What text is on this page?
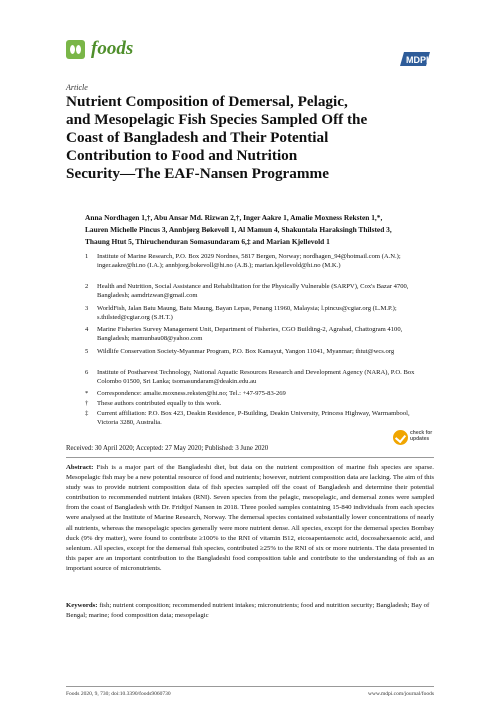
foods
MDPI
Article
Nutrient Composition of Demersal, Pelagic,
and Mesopelagic Fish Species Sampled Off the
Coast of Bangladesh and Their Potential
Contribution to Food and Nutrition
Security—The EAF-Nansen Programme
Anna Nordhagen 1,†, Abu Ansar Md. Rizwan 2,†, Inger Aakre 1, Amalie Moxness Reksten 1,*,
Lauren Michelle Pincus 3, Annbjørg Bøkevoll 1, Al Mamun 4, Shakuntala Haraksingh Thilsted 3,
Thaung Htut 5, Thiruchenduran Somasundaram 6,‡ and Marian Kjellevold 1
1	Institute of Marine Research, P.O. Box 2029 Nordnes, 5817 Bergen, Norway; nordhagen_94@hotmail.com (A.N.); inger.aakre@hi.no (I.A.); annbjorg.bokevoll@hi.no (A.B.); marian.kjellevold@hi.no (M.K.)
2	Health and Nutrition, Social Assistance and Rehabilitation for the Physically Vulnerable (SARPV), Cox's Bazar 4700, Bangladesh; aamdrizwan@gmail.com
3	WorldFish, Jalan Batu Maung, Batu Maung, Bayan Lepas, Penang 11960, Malaysia; l.pincus@cgiar.org (L.M.P.); s.thilsted@cgiar.org (S.H.T.)
4	Marine Fisheries Survey Management Unit, Department of Fisheries, CGO Building-2, Agrabad, Chattogram 4100, Bangladesh; mamunbau08@yahoo.com
5	Wildlife Conservation Society-Myanmar Program, P.O. Box Kamayut, Yangon 11041, Myanmar; thtut@wcs.org
6	Institute of Postharvest Technology, National Aquatic Resources Research and Development Agency (NARA), P.O. Box Colombo 01500, Sri Lanka; tsomasundaram@deakin.edu.au
*	Correspondence: amalie.moxness.reksten@hi.no; Tel.: +47-975-83-269
†	These authors contributed equally to this work.
‡	Current affiliation: P.O. Box 423, Deakin Residence, P-Building, Deakin University, Princess Highway, Warrnambool, Victoria 3280, Australia.
check for updates
Received: 30 April 2020; Accepted: 27 May 2020; Published: 3 June 2020
Abstract: Fish is a major part of the Bangladeshi diet, but data on the nutrient composition of marine fish species are sparse. Mesopelagic fish may be a new potential resource of food and nutrients; however, nutrient composition data are lacking. The aim of this study was to provide nutrient composition data of fish species sampled off the coast of Bangladesh and determine their potential contribution to recommended nutrient intakes (RNI). Seven species from the pelagic, mesopelagic, and demersal zones were sampled from the coast of Bangladesh with Dr. Fridtjof Nansen in 2018. Three pooled samples containing 15-840 individuals from each species were analysed at the Institute of Marine Research, Norway. The demersal species contained substantially lower concentrations of nearly all nutrients, whereas the mesopelagic species generally were more nutrient dense. All species, except for the demersal species Bombay duck (9% dry matter), were found to contribute ≥100% to the RNI of vitamin B12, eicosapentaenoic acid, docosahexaenoic acid, and selenium. All species, except for the demersal fish species, contributed ≥25% to the RNI of six or more nutrients. The data presented in this paper are an important contribution to the Bangladeshi food composition table and contribute to the understanding of fish as an important source of micronutrients.
Keywords: fish; nutrient composition; recommended nutrient intakes; micronutrients; food and nutrition security; Bangladesh; Bay of Bengal; marine; food composition data; mesopelagic
Foods 2020, 9, 730; doi:10.3390/foods9060730	www.mdpi.com/journal/foods
